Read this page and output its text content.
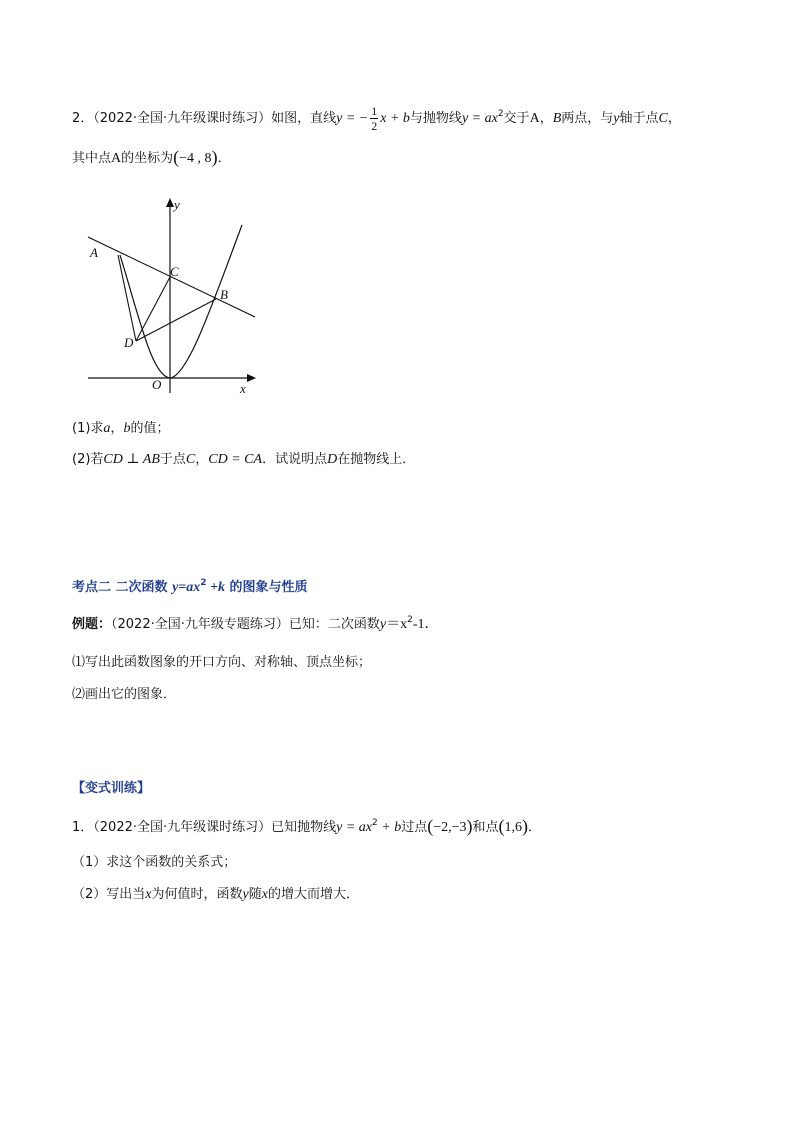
2．（2022·全国·九年级课时练习）如图，直线y = − $\frac{1}{2}$ x + b与抛物线$y = ax^2$交于A，B两点，与y轴于点C，
其中点A的坐标为(−4 , 8)．
y
x
O
A
B
C
D
(1)求a，b的值；
(2)若CD ⊥ AB于点C，CD = CA．试说明点D在抛物线上．
考点二 二次函数 $y=ax^2 +k$ 的图象与性质
例题：（2022·全国·九年级专题练习）已知：二次函数$y=x^2-1$．
⑴写出此函数图象的开口方向、对称轴、顶点坐标；
⑵画出它的图象．
【变式训练】
1．（2022·全国·九年级课时练习）已知抛物线$y = ax^2 + b$过点(−2,−3)和点(1,6)．
（1）求这个函数的关系式；
（2）写出当x为何值时，函数y随x的增大而增大．
